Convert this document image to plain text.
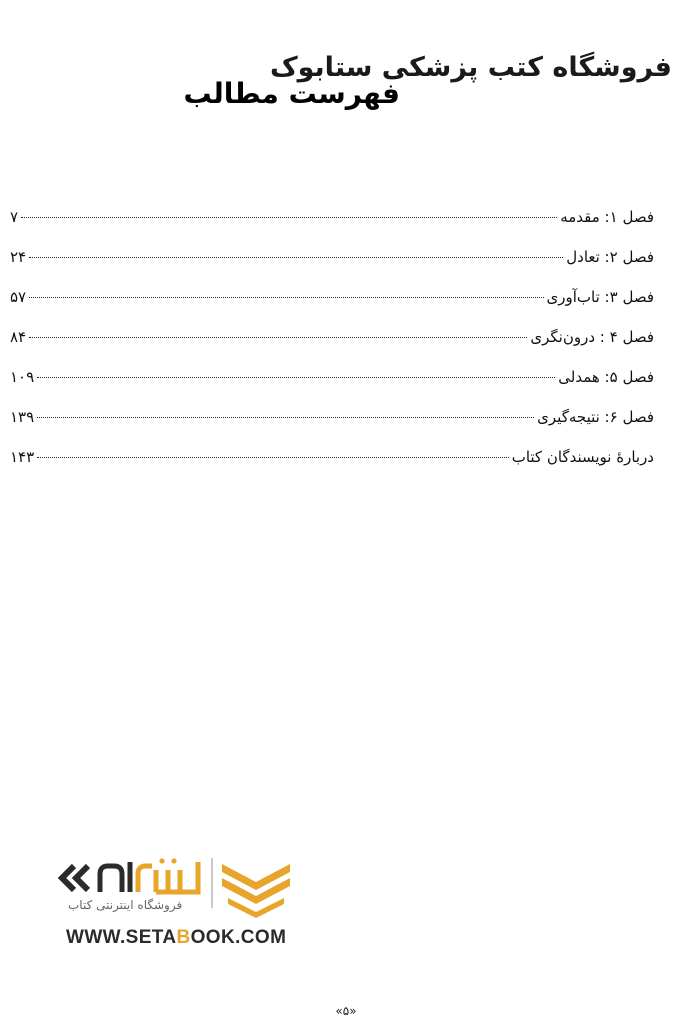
فروشگاه کتب پزشکی ستابوک
فهرست مطالب
فصل ۱: مقدمه
۷
فصل ۲: تعادل
۲۴
فصل ۳: تاب‌آوری
۵۷
فصل ۴ : درون‌نگری
۸۴
فصل ۵: همدلی
۱۰۹
فصل ۶: نتیجه‌گیری
۱۳۹
دربارهٔ نویسندگان کتاب
۱۴۳
فروشگاه اینترنتی کتاب
WWW.SETABOOK.COM
«۵»
